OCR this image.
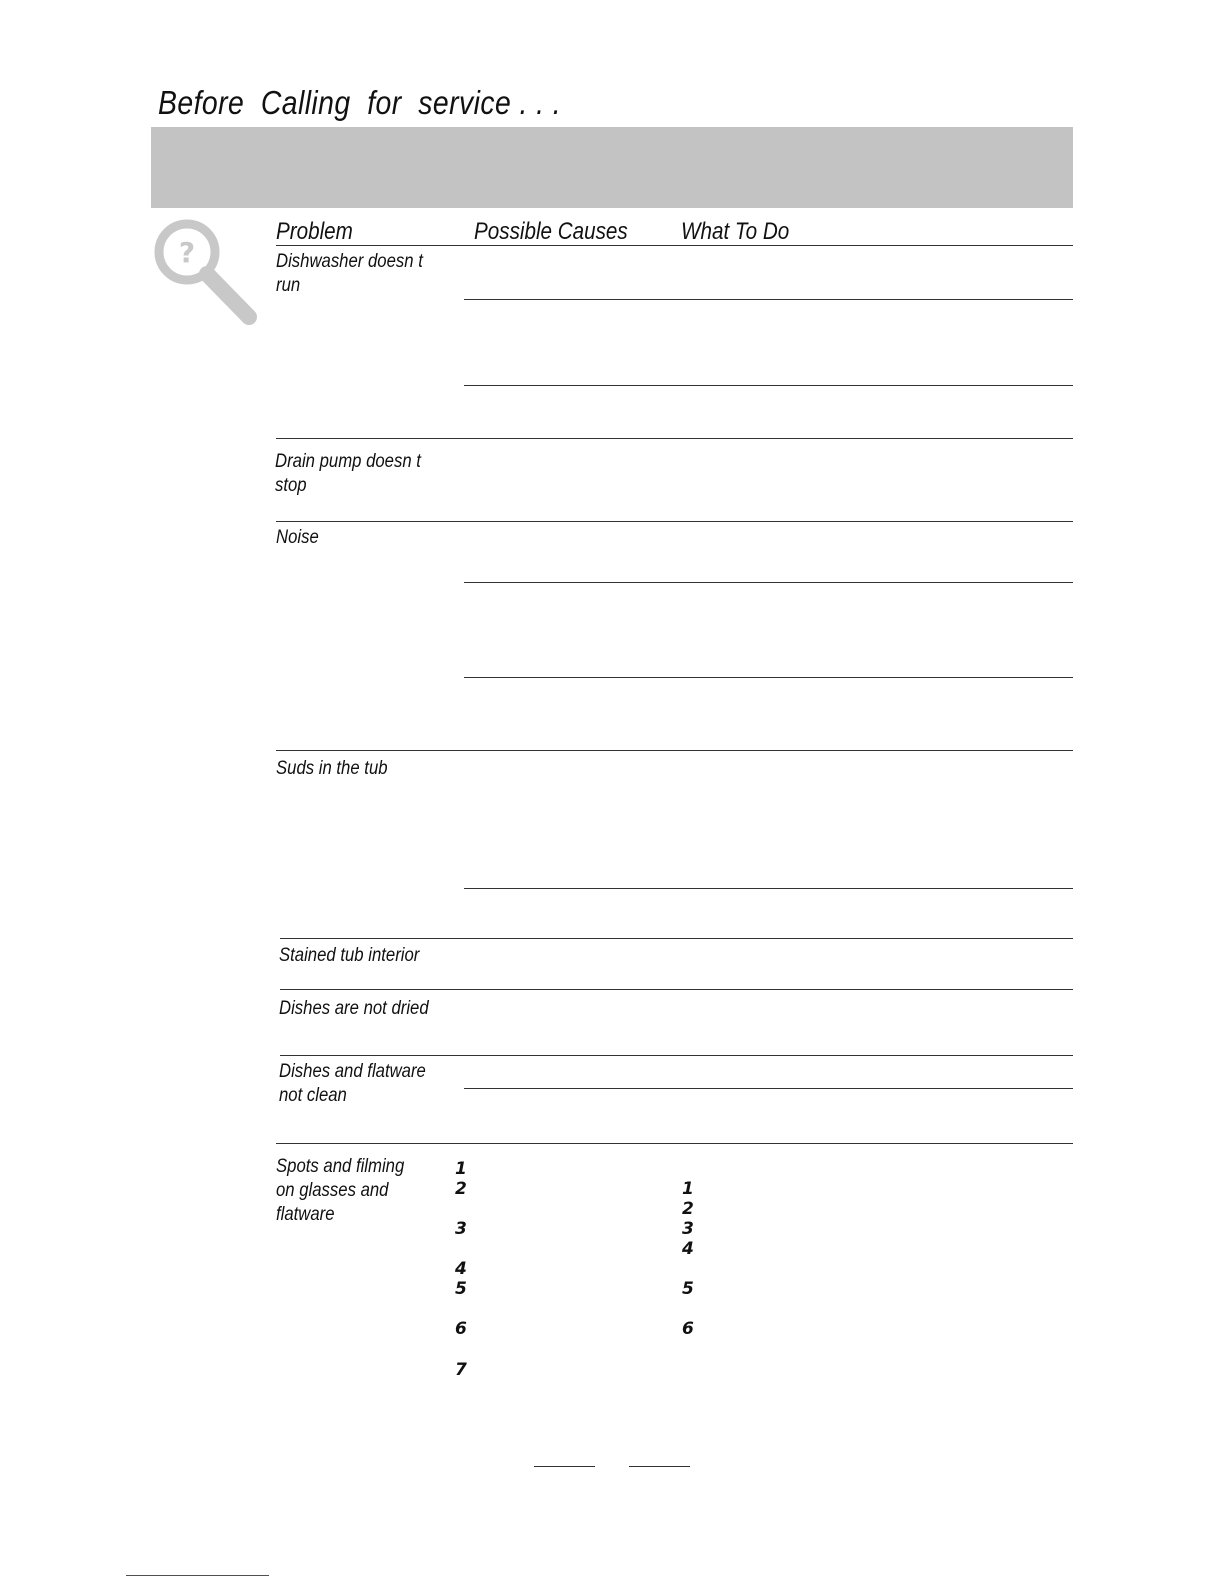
Before  Calling  for  service . . .
?
Problem	Possible Causes What To Do
Dishwasher doesn t
run
Drain pump doesn t
stop
Noise
Suds in the tub
Stained tub interior
Dishes are not dried
Dishes and flatware
not clean
Spots and filming
on glasses and
flatware
1
2
3
4
5
6
7
1
2
3
4
5
6
